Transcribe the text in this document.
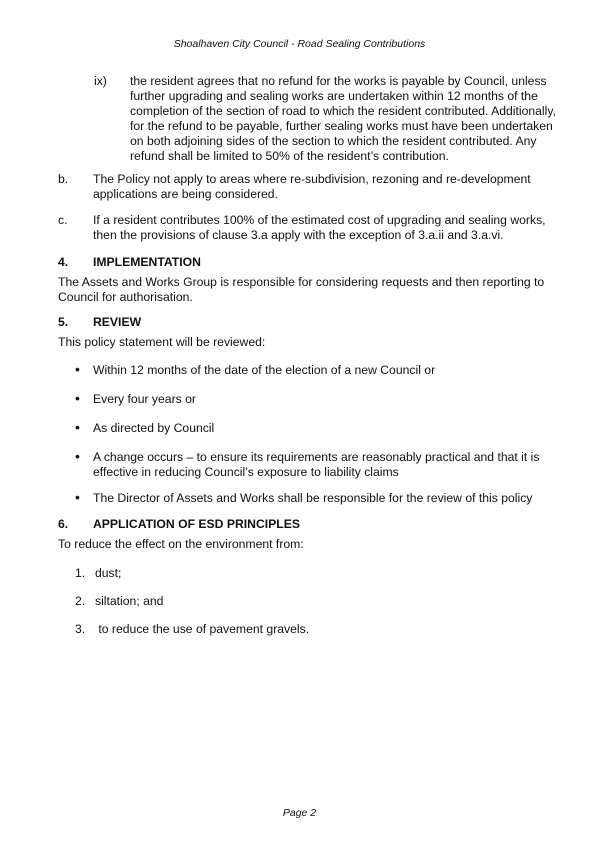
Shoalhaven City Council - Road Sealing Contributions
ix) the resident agrees that no refund for the works is payable by Council, unless further upgrading and sealing works are undertaken within 12 months of the completion of the section of road to which the resident contributed. Additionally, for the refund to be payable, further sealing works must have been undertaken on both adjoining sides of the section to which the resident contributed. Any refund shall be limited to 50% of the resident’s contribution.
b. The Policy not apply to areas where re-subdivision, rezoning and re-development applications are being considered.
c. If a resident contributes 100% of the estimated cost of upgrading and sealing works, then the provisions of clause 3.a apply with the exception of 3.a.ii and 3.a.vi.
4. IMPLEMENTATION
The Assets and Works Group is responsible for considering requests and then reporting to Council for authorisation.
5. REVIEW
This policy statement will be reviewed:
• Within 12 months of the date of the election of a new Council or
• Every four years or
• As directed by Council
• A change occurs – to ensure its requirements are reasonably practical and that it is effective in reducing Council’s exposure to liability claims
• The Director of Assets and Works shall be responsible for the review of this policy
6. APPLICATION OF ESD PRINCIPLES
To reduce the effect on the environment from:
1. dust;
2. siltation; and
3. to reduce the use of pavement gravels.
Page 2
